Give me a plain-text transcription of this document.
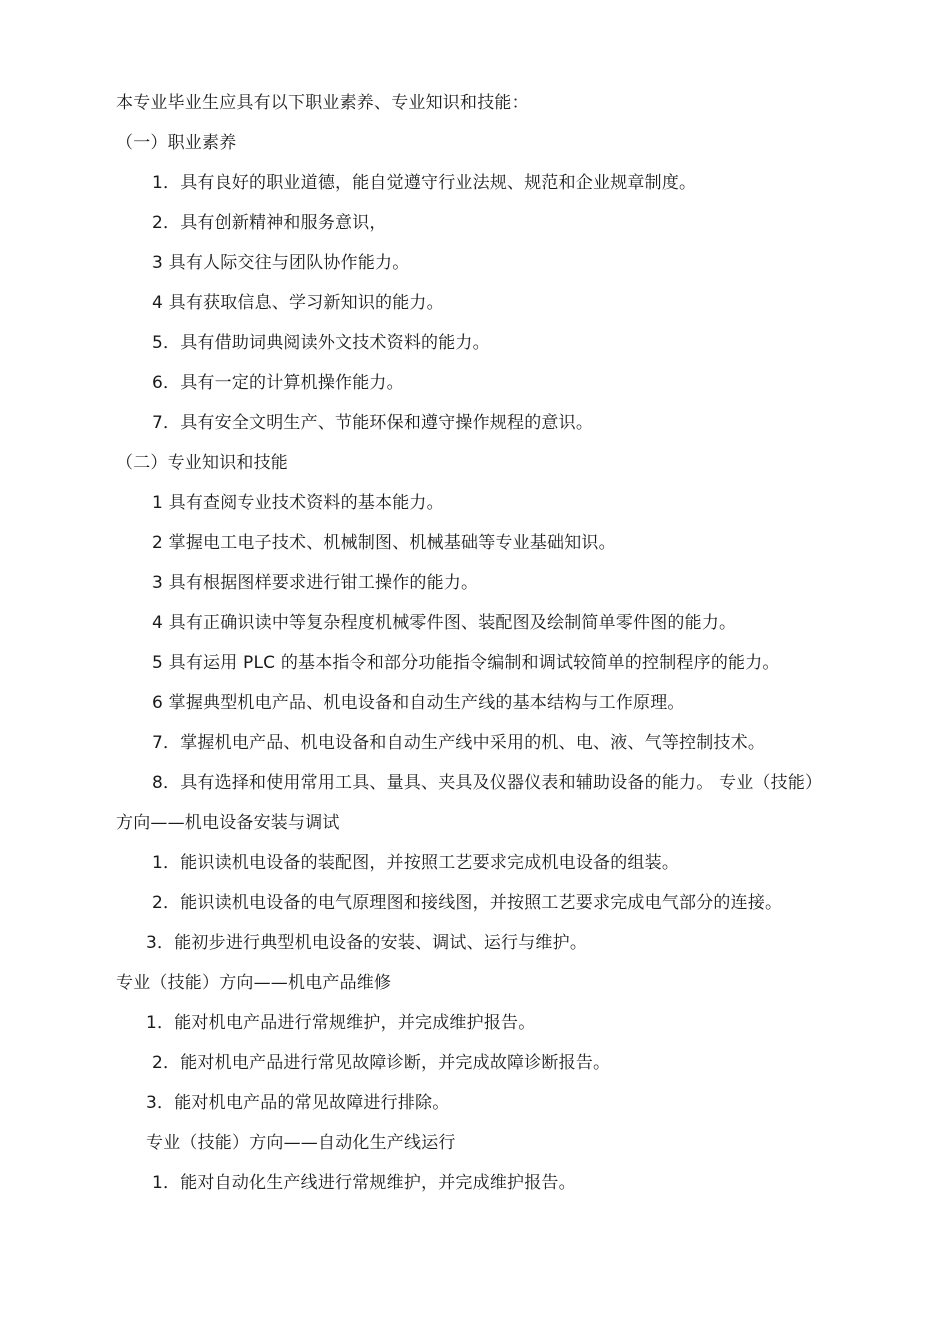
本专业毕业生应具有以下职业素养、专业知识和技能：
（一）职业素养
1．具有良好的职业道德，能自觉遵守行业法规、规范和企业规章制度。
2．具有创新精神和服务意识，
3 具有人际交往与团队协作能力。
4 具有获取信息、学习新知识的能力。
5．具有借助词典阅读外文技术资料的能力。
6．具有一定的计算机操作能力。
7．具有安全文明生产、节能环保和遵守操作规程的意识。
（二）专业知识和技能
1 具有查阅专业技术资料的基本能力。
2 掌握电工电子技术、机械制图、机械基础等专业基础知识。
3 具有根据图样要求进行钳工操作的能力。
4 具有正确识读中等复杂程度机械零件图、装配图及绘制简单零件图的能力。
5 具有运用 PLC 的基本指令和部分功能指令编制和调试较简单的控制程序的能力。
6 掌握典型机电产品、机电设备和自动生产线的基本结构与工作原理。
7．掌握机电产品、机电设备和自动生产线中采用的机、电、液、气等控制技术。
8．具有选择和使用常用工具、量具、夹具及仪器仪表和辅助设备的能力。 专业（技能）
方向——机电设备安装与调试
1．能识读机电设备的装配图，并按照工艺要求完成机电设备的组装。
2．能识读机电设备的电气原理图和接线图，并按照工艺要求完成电气部分的连接。
3．能初步进行典型机电设备的安装、调试、运行与维护。
专业（技能）方向——机电产品维修
1．能对机电产品进行常规维护，并完成维护报告。
2．能对机电产品进行常见故障诊断，并完成故障诊断报告。
3．能对机电产品的常见故障进行排除。
专业（技能）方向——自动化生产线运行
1．能对自动化生产线进行常规维护，并完成维护报告。
